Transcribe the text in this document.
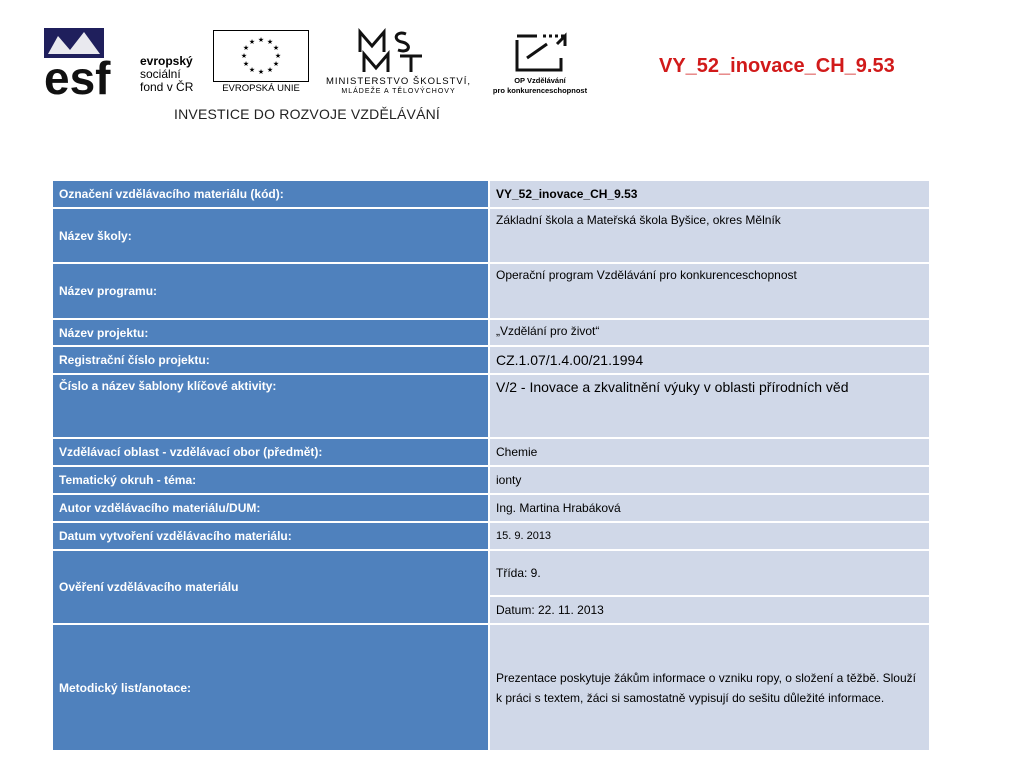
esf evropský
sociální
fond v ČR
★ ★
★
★
★
★
★
★
★
★
★
★
EVROPSKÁ UNIE
MINISTERSTVO ŠKOLSTVÍ,
MLÁDEŽE A TĚLOVÝCHOVY
OP Vzdělávání
pro konkurenceschopnost
INVESTICE DO ROZVOJE VZDĚLÁVÁNÍ
VY_52_inovace_CH_9.53
Označení vzdělávacího materiálu (kód):	VY_52_inovace_CH_9.53
Název školy:	Základní škola a Mateřská škola Byšice, okres Mělník
Název programu:	Operační program Vzdělávání pro konkurenceschopnost
Název projektu:	„Vzdělání pro život“
Registrační číslo projektu:	CZ.1.07/1.4.00/21.1994
Číslo a název šablony klíčové aktivity:	V/2 - Inovace a zkvalitnění výuky v oblasti přírodních věd
Vzdělávací oblast - vzdělávací obor (předmět):	Chemie
Tematický okruh - téma:	ionty
Autor vzdělávacího materiálu/DUM:	Ing. Martina Hrabáková
Datum vytvoření vzdělávacího materiálu:	15. 9. 2013
Ověření vzdělávacího materiálu	Třída: 9.
	Datum: 22. 11. 2013
Metodický list/anotace:	Prezentace poskytuje žákům informace o vzniku ropy, o složení a těžbě. Slouží k práci s textem, žáci si samostatně vypisují do sešitu důležité informace.
